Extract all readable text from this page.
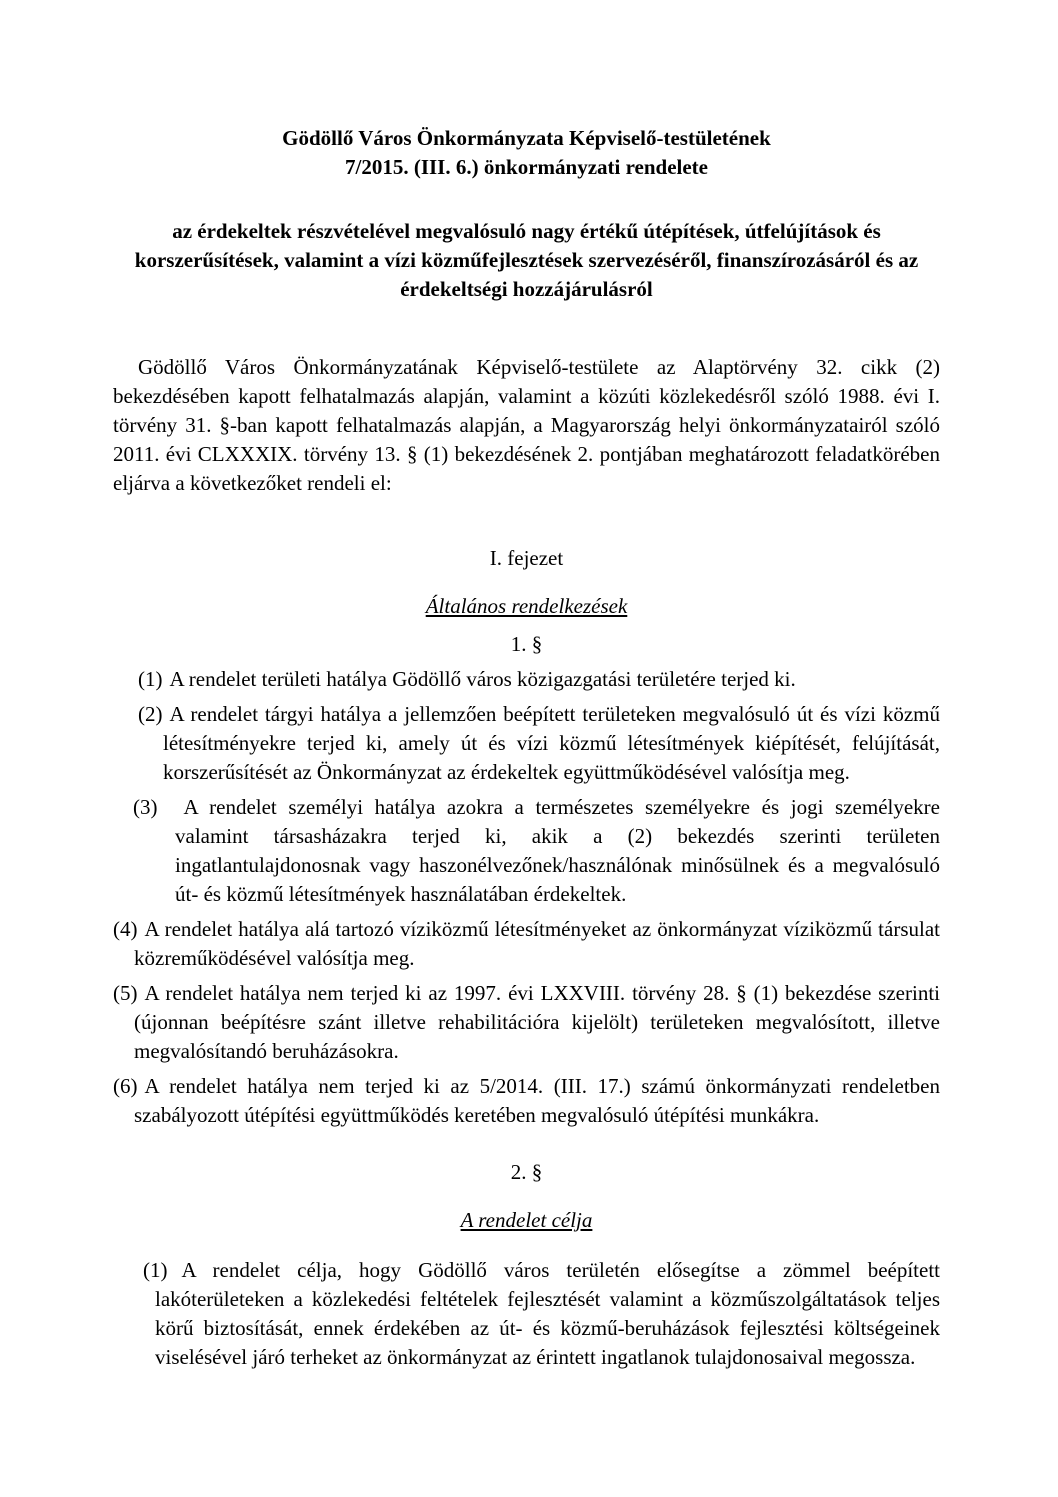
Gödöllő Város Önkormányzata Képviselő-testületének
7/2015. (III. 6.) önkormányzati rendelete
az érdekeltek részvételével megvalósuló nagy értékű útépítések, útfelújítások és korszerűsítések, valamint a vízi közműfejlesztések szervezéséről, finanszírozásáról és az érdekeltségi hozzájárulásról

Gödöllő Város Önkormányzatának Képviselő-testülete az Alaptörvény 32. cikk (2) bekezdésében kapott felhatalmazás alapján, valamint a közúti közlekedésről szóló 1988. évi I. törvény 31. §-ban kapott felhatalmazás alapján, a Magyarország helyi önkormányzatairól szóló 2011. évi CLXXXIX. törvény 13. § (1) bekezdésének 2. pontjában meghatározott feladatkörében eljárva a következőket rendeli el:

I. fejezet
Általános rendelkezések
1. §

(1) A rendelet területi hatálya Gödöllő város közigazgatási területére terjed ki.

(2) A rendelet tárgyi hatálya a jellemzően beépített területeken megvalósuló út és vízi közmű létesítményekre terjed ki, amely út és vízi közmű létesítmények kiépítését, felújítását, korszerűsítését az Önkormányzat az érdekeltek együttműködésével valósítja meg.

(3) A rendelet személyi hatálya azokra a természetes személyekre és jogi személyekre valamint társasházakra terjed ki, akik a (2) bekezdés szerinti területen ingatlantulajdonosnak vagy haszonélvezőnek/használónak minősülnek és a megvalósuló út- és közmű létesítmények használatában érdekeltek.

(4) A rendelet hatálya alá tartozó víziközmű létesítményeket az önkormányzat víziközmű társulat közreműködésével valósítja meg.

(5) A rendelet hatálya nem terjed ki az 1997. évi LXXVIII. törvény 28. § (1) bekezdése szerinti (újonnan beépítésre szánt illetve rehabilitációra kijelölt) területeken megvalósított, illetve megvalósítandó beruházásokra.

(6) A rendelet hatálya nem terjed ki az 5/2014. (III. 17.) számú önkormányzati rendeletben szabályozott útépítési együttműködés keretében megvalósuló útépítési munkákra.

2. §
A rendelet célja

(1) A rendelet célja, hogy Gödöllő város területén elősegítse a zömmel beépített lakóterületeken a közlekedési feltételek fejlesztését valamint a közműszolgáltatások teljes körű biztosítását, ennek érdekében az út- és közmű-beruházások fejlesztési költségeinek viselésével járó terheket az önkormányzat az érintett ingatlanok tulajdonosaival megossza.
